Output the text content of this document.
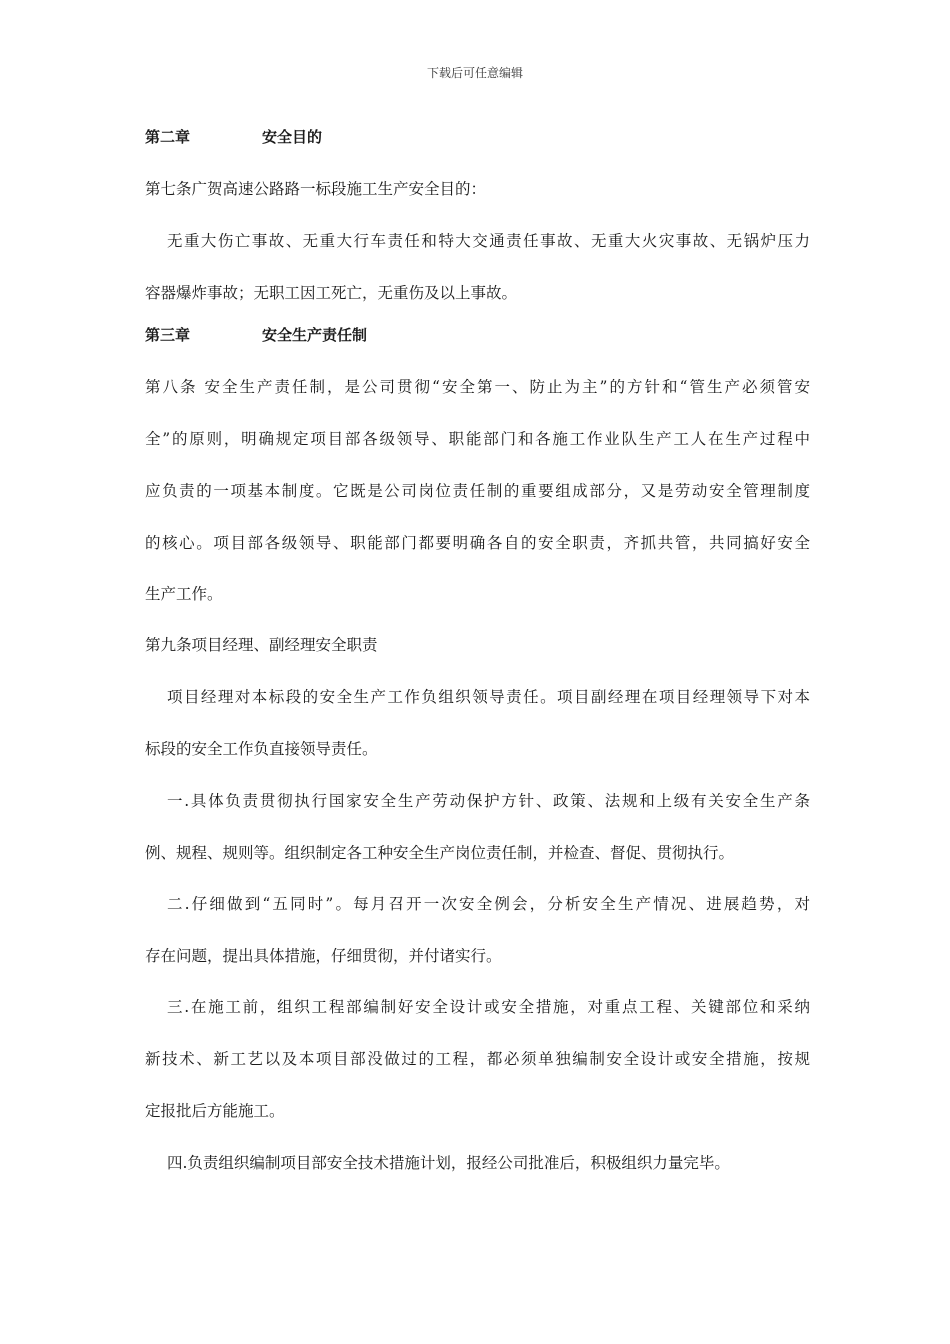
下载后可任意编辑
第二章	安全目的
第七条广贺高速公路路一标段施工生产安全目的：
无重大伤亡事故、无重大行车责任和特大交通责任事故、无重大火灾事故、无锅炉压力
容器爆炸事故；无职工因工死亡，无重伤及以上事故。
第三章	安全生产责任制
第八条 安全生产责任制，是公司贯彻“安全第一、防止为主”的方针和“管生产必须管安
全”的原则，明确规定项目部各级领导、职能部门和各施工作业队生产工人在生产过程中
应负责的一项基本制度。它既是公司岗位责任制的重要组成部分，又是劳动安全管理制度
的核心。项目部各级领导、职能部门都要明确各自的安全职责，齐抓共管，共同搞好安全
生产工作。
第九条项目经理、副经理安全职责
项目经理对本标段的安全生产工作负组织领导责任。项目副经理在项目经理领导下对本
标段的安全工作负直接领导责任。
一.具体负责贯彻执行国家安全生产劳动保护方针、政策、法规和上级有关安全生产条
例、规程、规则等。组织制定各工种安全生产岗位责任制，并检查、督促、贯彻执行。
二.仔细做到“五同时”。每月召开一次安全例会，分析安全生产情况、进展趋势，对
存在问题，提出具体措施，仔细贯彻，并付诸实行。
三.在施工前，组织工程部编制好安全设计或安全措施，对重点工程、关键部位和采纳
新技术、新工艺以及本项目部没做过的工程，都必须单独编制安全设计或安全措施，按规
定报批后方能施工。
四.负责组织编制项目部安全技术措施计划，报经公司批准后，积极组织力量完毕。
